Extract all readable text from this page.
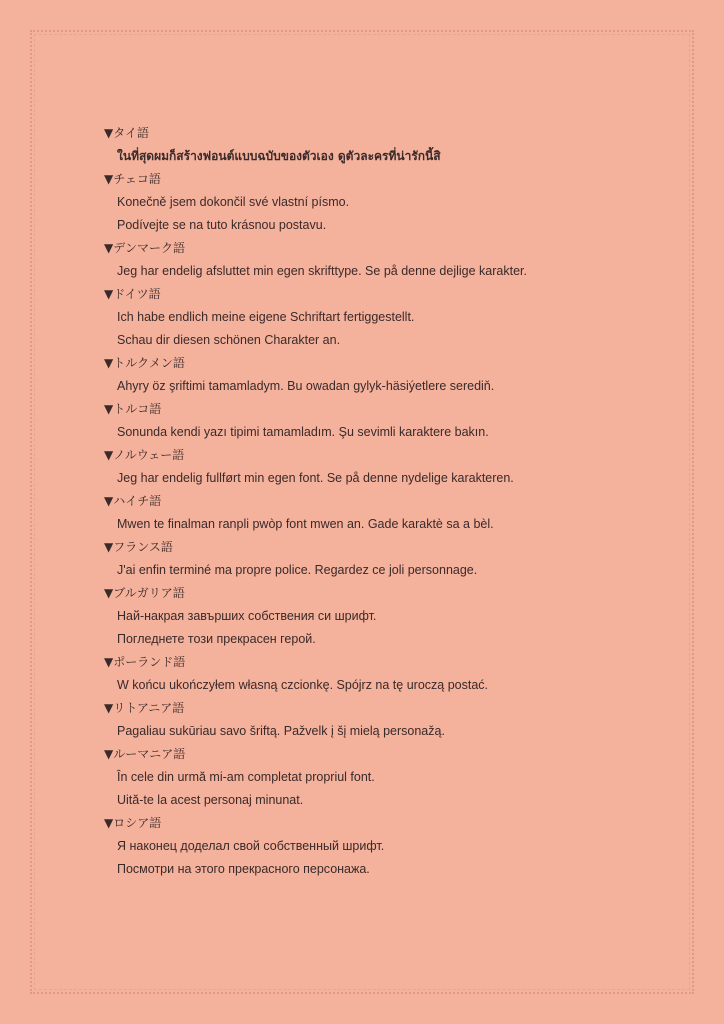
▼タイ語
ในที่สุดผมก็สร้างฟอนต์แบบฉบับของตัวเอง ดูตัวละครที่น่ารักนี้สิ
▼チェコ語
Konečně jsem dokončil své vlastní písmo.
Podívejte se na tuto krásnou postavu.
▼デンマーク語
Jeg har endelig afsluttet min egen skrifttype. Se på denne dejlige karakter.
▼ドイツ語
Ich habe endlich meine eigene Schriftart fertiggestellt.
Schau dir diesen schönen Charakter an.
▼トルクメン語
Ahyry öz şriftimi tamamladym. Bu owadan gylyk-häsiýetlere serediň.
▼トルコ語
Sonunda kendi yazı tipimi tamamladım. Şu sevimli karaktere bakın.
▼ノルウェー語
Jeg har endelig fullført min egen font. Se på denne nydelige karakteren.
▼ハイチ語
Mwen te finalman ranpli pwòp font mwen an. Gade karaktè sa a bèl.
▼フランス語
J'ai enfin terminé ma propre police. Regardez ce joli personnage.
▼ブルガリア語
Най-накрая завърших собствения си шрифт.
Погледнете този прекрасен герой.
▼ポーランド語
W końcu ukończyłem własną czcionkę. Spójrz na tę uroczą postać.
▼リトアニア語
Pagaliau sukūriau savo šriftą. Pažvelk į šį mielą personažą.
▼ルーマニア語
În cele din urmă mi-am completat propriul font.
Uită-te la acest personaj minunat.
▼ロシア語
Я наконец доделал свой собственный шрифт.
Посмотри на этого прекрасного персонажа.
